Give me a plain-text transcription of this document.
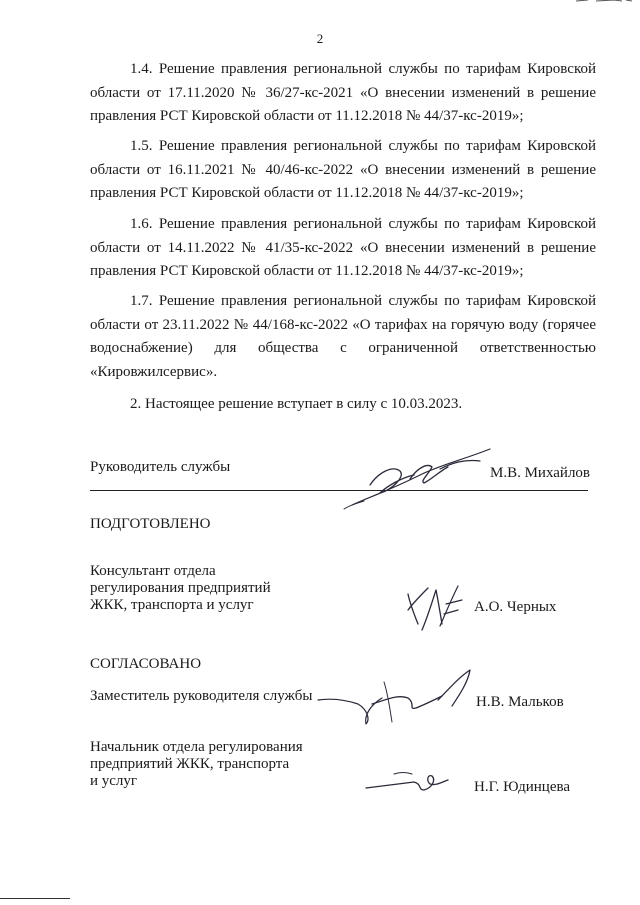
2

1.4. Решение правления региональной службы по тарифам Кировской области от 17.11.2020 № 36/27-кс-2021 «О внесении изменений в решение правления РСТ Кировской области от 11.12.2018 № 44/37-кс-2019»;

1.5. Решение правления региональной службы по тарифам Кировской области от 16.11.2021 № 40/46-кс-2022 «О внесении изменений в решение правления РСТ Кировской области от 11.12.2018 № 44/37-кс-2019»;

1.6. Решение правления региональной службы по тарифам Кировской области от 14.11.2022 № 41/35-кс-2022 «О внесении изменений в решение правления РСТ Кировской области от 11.12.2018 № 44/37-кс-2019»;

1.7. Решение правления региональной службы по тарифам Кировской области от 23.11.2022 № 44/168-кс-2022 «О тарифах на горячую воду (горячее водоснабжение) для общества с ограниченной ответственностью «Кировжилсервис».

2. Настоящее решение вступает в силу с 10.03.2023.

Руководитель службы	М.В. Михайлов
ПОДГОТОВЛЕНО
Консультант отдела
регулирования предприятий
ЖКК, транспорта и услуг	А.О. Черных
СОГЛАСОВАНО
Заместитель руководителя службы	Н.В. Мальков
Начальник отдела регулирования
предприятий ЖКК, транспорта
и услуг	Н.Г. Юдинцева
